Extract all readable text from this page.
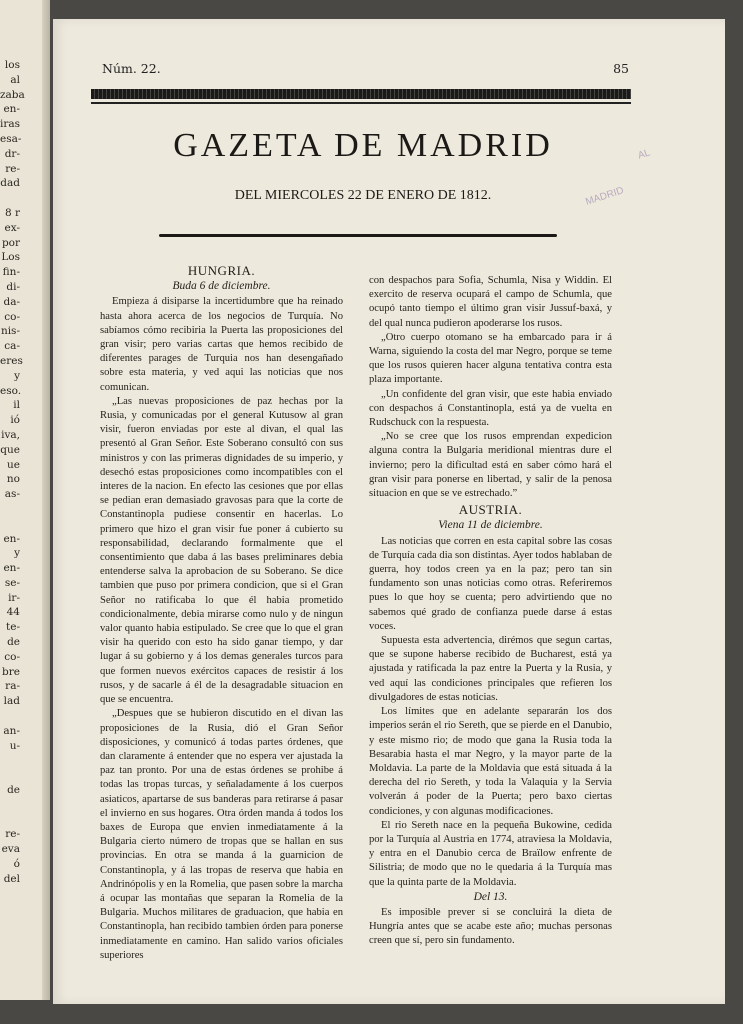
los
al
zaba
en-
iras
esa-
dr-
re-
dad

8 r
ex-
por
Los
fin-
di-
da-
co-
nis-
ca-
eres
y
eso.
il
ió
iva,
que
ue
no
as-

en-
y
en-
se-
ir-
44
te-
de
co-
bre
ra-
lad

an-
u-

de

re-
eva
ó
del
Núm. 22.	85
GAZETA DE MADRID
DEL MIERCOLES 22 DE ENERO DE 1812.
AL
MADRID
HUNGRIA.
Buda 6 de diciembre.

Empieza á disiparse la incertidumbre que ha reinado hasta ahora acerca de los negocios de Turquía. No sabíamos cómo recibiria la Puerta las proposiciones del gran visir; pero varias cartas que hemos recibido de diferentes parages de Turquia nos han desengañado sobre esta materia, y ved aqui las noticias que nos comunican.

„Las nuevas proposiciones de paz hechas por la Rusia, y comunicadas por el general Kutusow al gran visir, fueron enviadas por este al divan, el qual las presentó al Gran Señor. Este Soberano consultó con sus ministros y con las primeras dignidades de su imperio, y desechó estas proposiciones como incompatibles con el interes de la nacion. En efecto las cesiones que por ellas se pedian eran demasiado gravosas para que la corte de Constantinopla pudiese consentir en hacerlas. Lo primero que hizo el gran visir fue poner á cubierto su responsabilidad, declarando formalmente que el consentimiento que daba á las bases preliminares debia entenderse salva la aprobacion de su Soberano. Se dice tambien que puso por primera condicion, que si el Gran Señor no ratificaba lo que él habia prometido condicionalmente, debia mirarse como nulo y de ningun valor quanto habia estipulado. Se cree que lo que el gran visir ha querido con esto ha sido ganar tiempo, y dar lugar á su gobierno y á los demas generales turcos para que formen nuevos exércitos capaces de resistir á los rusos, y de sacarle á él de la desagradable situacion en que se encuentra.

„Despues que se hubieron discutido en el divan las proposiciones de la Rusia, dió el Gran Señor disposiciones, y comunicó á todas partes órdenes, que dan claramente á entender que no espera ver ajustada la paz tan pronto. Por una de estas órdenes se prohibe á todas las tropas turcas, y señaladamente á los cuerpos asiaticos, apartarse de sus banderas para retirarse á pasar el invierno en sus hogares. Otra órden manda á todos los baxes de Europa que envien inmediatamente á la Bulgaria cierto número de tropas que se hallan en sus provincias. En otra se manda á la guarnicion de Constantinopla, y á las tropas de reserva que habia en Andrinópolis y en la Romelia, que pasen sobre la marcha á ocupar las montañas que separan la Romelia de la Bulgaria. Muchos militares de graduacion, que habia en Constantinopla, han recibido tambien órden para ponerse inmediatamente en camino. Han salido varios oficiales superiores

con despachos para Sofia, Schumla, Nisa y Widdin. El exercito de reserva ocupará el campo de Schumla, que ocupó tanto tiempo el último gran visir Jussuf-baxá, y del qual nunca pudieron apoderarse los rusos.

„Otro cuerpo otomano se ha embarcado para ir á Warna, siguiendo la costa del mar Negro, porque se teme que los rusos quieren hacer alguna tentativa contra esta plaza importante.

„Un confidente del gran visir, que este habia enviado con despachos á Constantinopla, está ya de vuelta en Rudschuck con la respuesta.

„No se cree que los rusos emprendan expedicion alguna contra la Bulgaria meridional mientras dure el invierno; pero la dificultad está en saber cómo hará el gran visir para ponerse en libertad, y salir de la penosa situacion en que se ve estrechado.”

AUSTRIA.
Viena 11 de diciembre.

Las noticias que corren en esta capital sobre las cosas de Turquía cada dia son distintas. Ayer todos hablaban de guerra, hoy todos creen ya en la paz; pero tan sin fundamento son unas noticias como otras. Referiremos pues lo que hoy se cuenta; pero advirtiendo que no sabemos qué grado de confianza puede darse á estas voces.

Supuesta esta advertencia, dirémos que segun cartas, que se supone haberse recibido de Bucharest, está ya ajustada y ratificada la paz entre la Puerta y la Rusia, y ved aquí las condiciones principales que refieren los divulgadores de estas noticias.

Los límites que en adelante separarán los dos imperios serán el rio Sereth, que se pierde en el Danubio, y este mismo rio; de modo que gana la Rusia toda la Besarabia hasta el mar Negro, y la mayor parte de la Moldavia. La parte de la Moldavia que está situada á la derecha del rio Sereth, y toda la Valaquia y la Servia volverán á poder de la Puerta; pero baxo ciertas condiciones, y con algunas modificaciones.

El rio Sereth nace en la pequeña Bukowine, cedida por la Turquía al Austria en 1774, atraviesa la Moldavia, y entra en el Danubio cerca de Braïlow enfrente de Silistria; de modo que no le quedaria á la Turquía mas que la quinta parte de la Moldavia.

Del 13.

Es imposible prever si se concluirá la dieta de Hungría antes que se acabe este año; muchas personas creen que sí, pero sin fundamento.
